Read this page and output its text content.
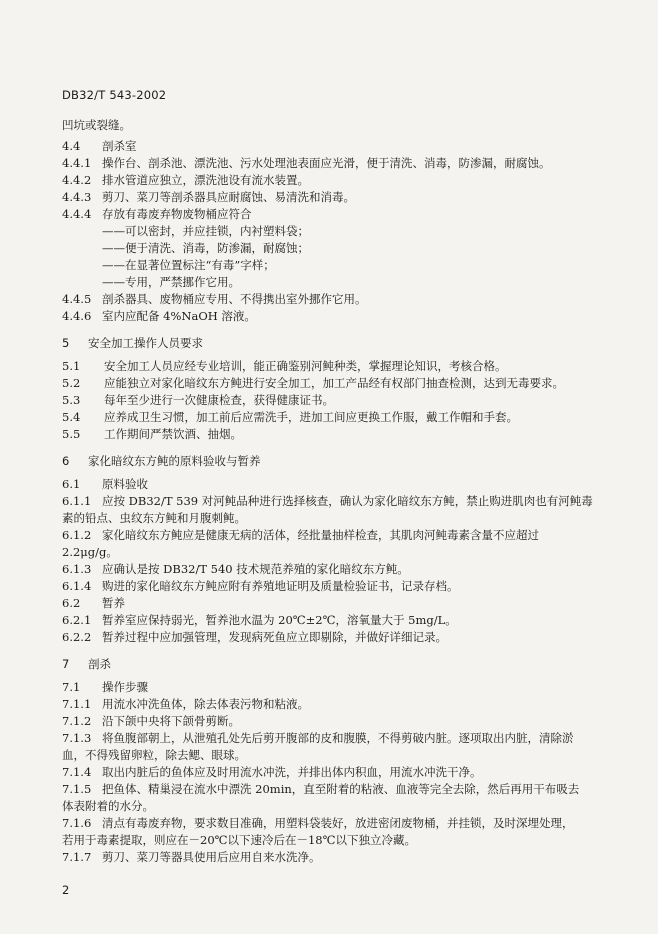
DB32/T 543-2002
凹坑或裂缝。
4.4 剖杀室
4.4.1 操作台、剖杀池、漂洗池、污水处理池表面应光滑，便于清洗、消毒，防渗漏，耐腐蚀。
4.4.2 排水管道应独立，漂洗池设有流水装置。
4.4.3 剪刀、菜刀等剖杀器具应耐腐蚀、易清洗和消毒。
4.4.4 存放有毒废弃物废物桶应符合
——可以密封，并应挂锁，内衬塑料袋；
——便于清洗、消毒，防渗漏，耐腐蚀；
——在显著位置标注“有毒”字样；
——专用，严禁挪作它用。
4.4.5 剖杀器具、废物桶应专用、不得携出室外挪作它用。
4.4.6 室内应配备 4%NaOH 溶液。
5 安全加工操作人员要求
5.1 安全加工人员应经专业培训，能正确鉴别河鲀种类，掌握理论知识，考核合格。
5.2 应能独立对家化暗纹东方鲀进行安全加工，加工产品经有权部门抽查检测，达到无毒要求。
5.3 每年至少进行一次健康检查，获得健康证书。
5.4 应养成卫生习惯，加工前后应需洗手，进加工间应更换工作服，戴工作帽和手套。
5.5 工作期间严禁饮酒、抽烟。
6 家化暗纹东方鲀的原料验收与暂养
6.1 原料验收
6.1.1 应按 DB32/T 539 对河鲀品种进行选择核查，确认为家化暗纹东方鲀，禁止购进肌肉也有河鲀毒
素的铅点、虫纹东方鲀和月腹刺鲀。
6.1.2 家化暗纹东方鲀应是健康无病的活体，经批量抽样检查，其肌肉河鲀毒素含量不应超过
2.2μg/g。
6.1.3 应确认是按 DB32/T 540 技术规范养殖的家化暗纹东方鲀。
6.1.4 购进的家化暗纹东方鲀应附有养殖地证明及质量检验证书，记录存档。
6.2 暂养
6.2.1 暂养室应保持弱光，暂养池水温为 20℃±2℃，溶氧量大于 5mg/L。
6.2.2 暂养过程中应加强管理，发现病死鱼应立即剔除，并做好详细记录。
7 剖杀
7.1 操作步骤
7.1.1 用流水冲洗鱼体，除去体表污物和粘液。
7.1.2 沿下颌中央将下颌骨剪断。
7.1.3 将鱼腹部朝上，从泄殖孔处先后剪开腹部的皮和腹膜，不得剪破内脏。逐项取出内脏，清除淤
血，不得残留卵粒，除去鳃、眼球。
7.1.4 取出内脏后的鱼体应及时用流水冲洗，并排出体内积血，用流水冲洗干净。
7.1.5 把鱼体、精巢浸在流水中漂洗 20min，直至附着的粘液、血液等完全去除，然后再用干布吸去
体表附着的水分。
7.1.6 清点有毒废弃物，要求数目准确，用塑料袋装好，放进密闭废物桶，并挂锁，及时深埋处理，
若用于毒素提取，则应在－20℃以下速冷后在－18℃以下独立冷藏。
7.1.7 剪刀、菜刀等器具使用后应用自来水洗净。
2
